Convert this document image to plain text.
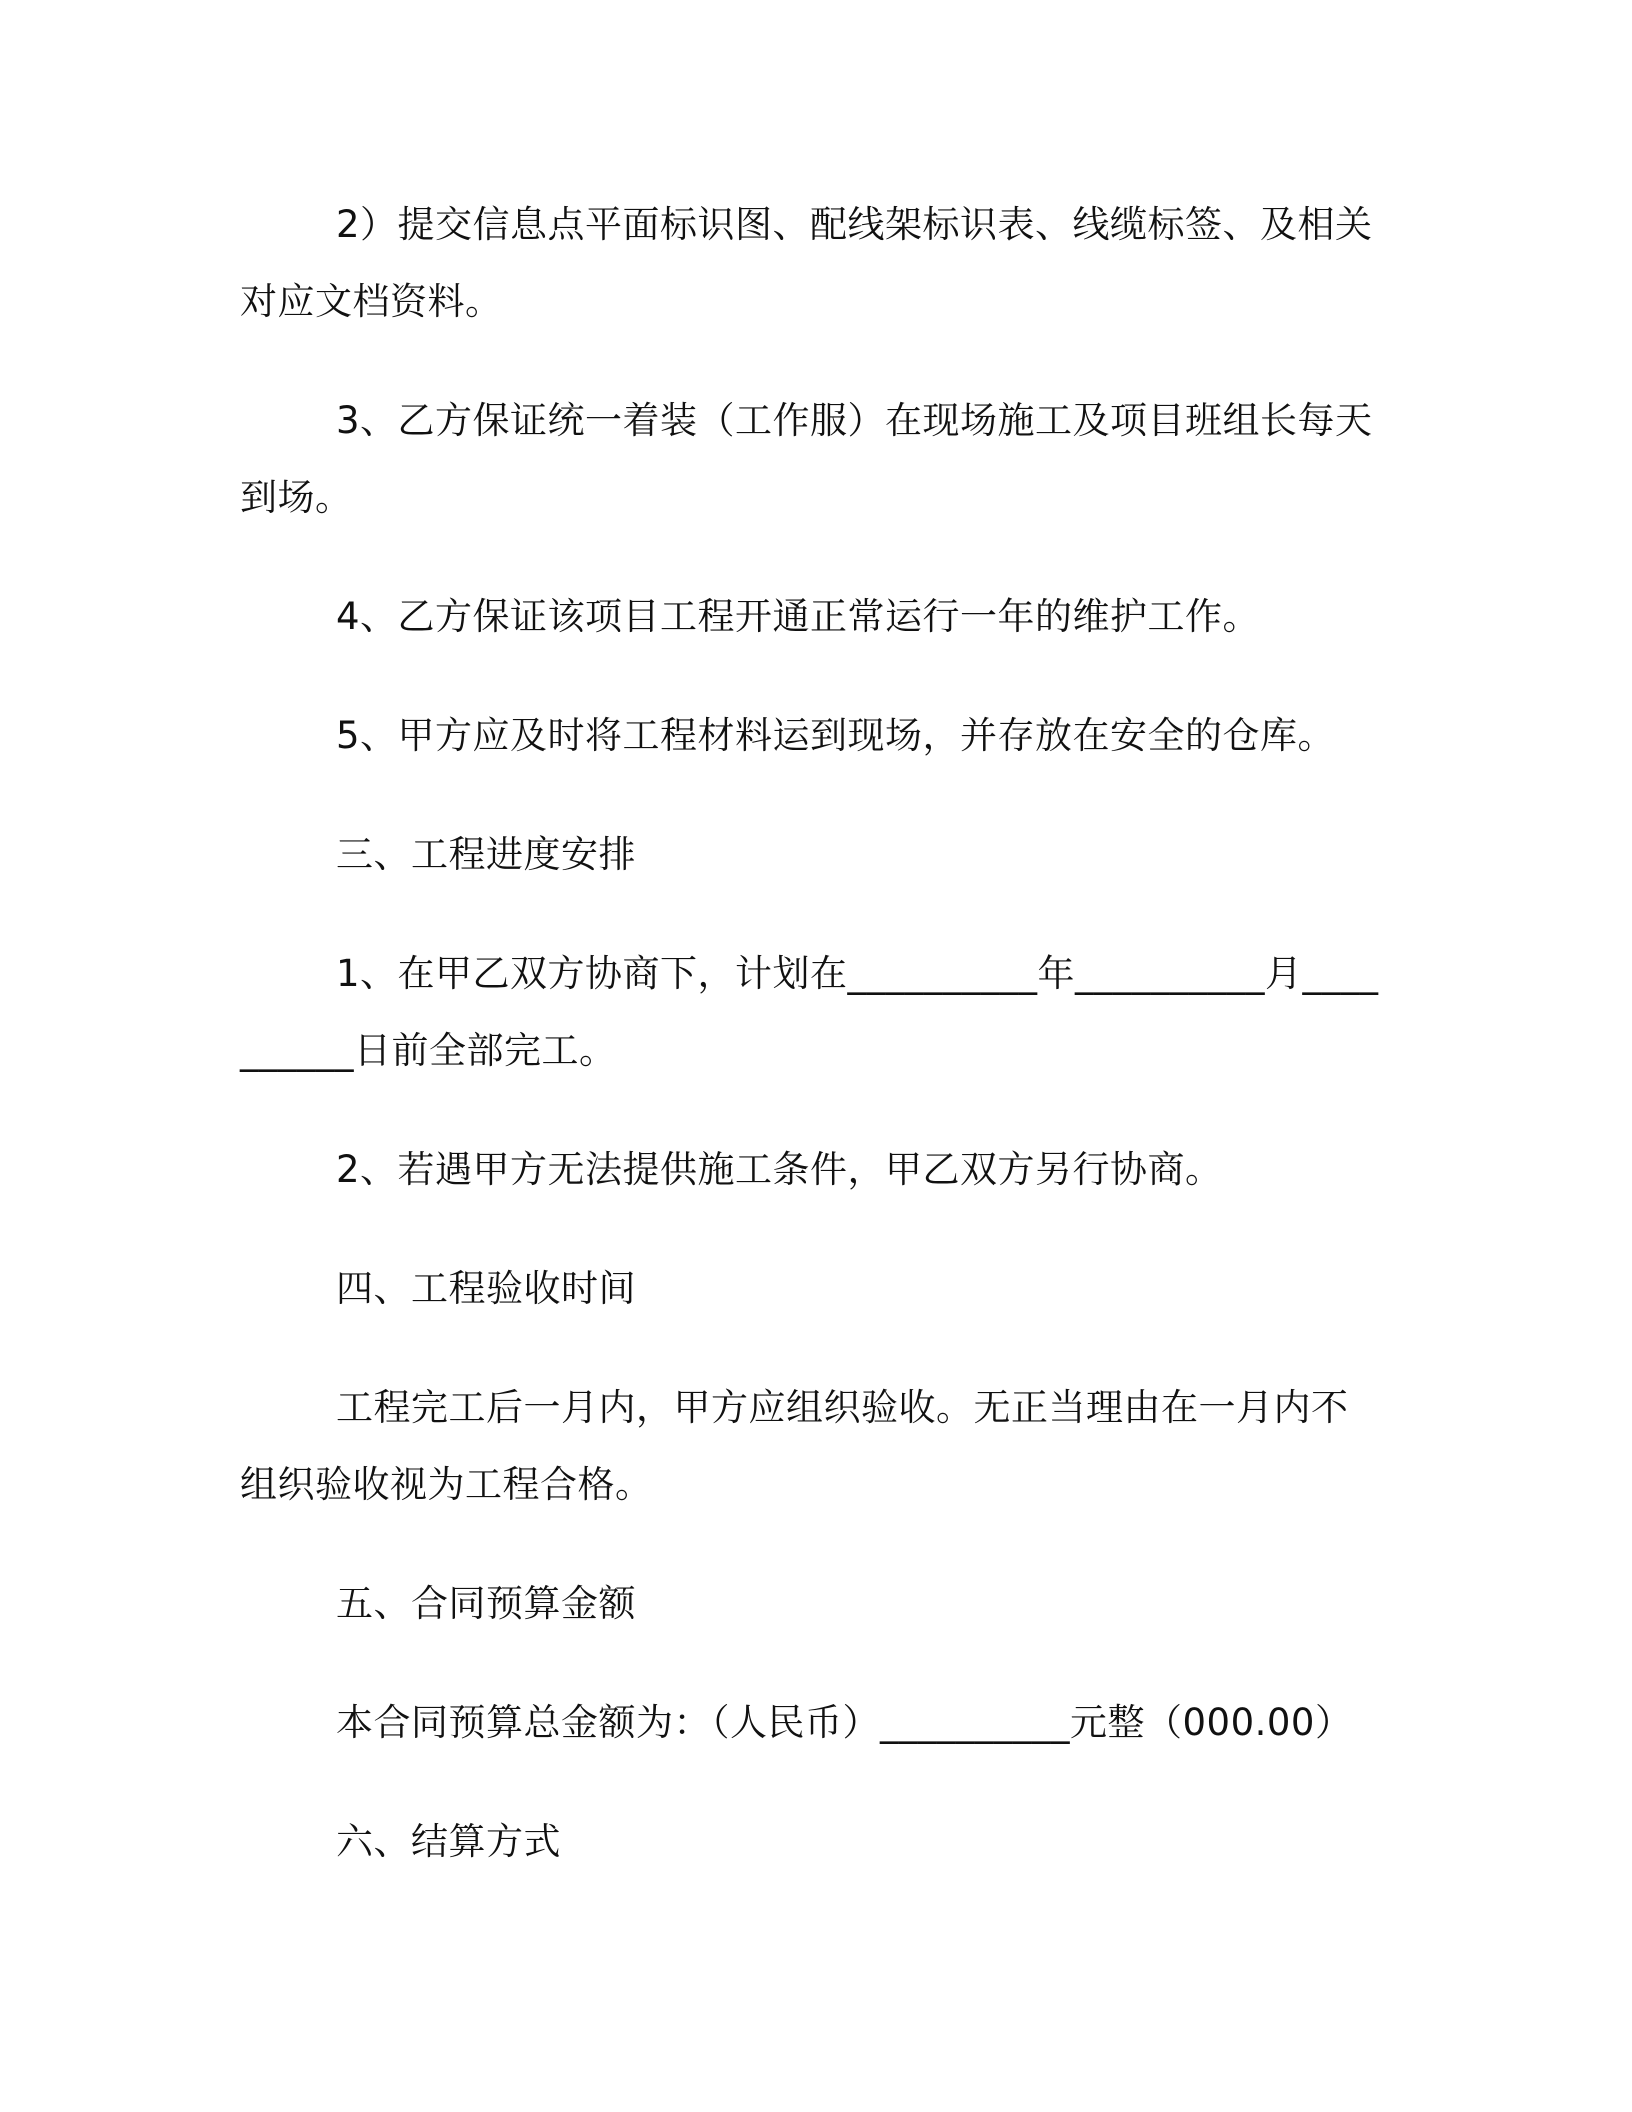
2）提交信息点平面标识图、配线架标识表、线缆标签、及相关对应文档资料。

3、乙方保证统一着装（工作服）在现场施工及项目班组长每天到场。

4、乙方保证该项目工程开通正常运行一年的维护工作。

5、甲方应及时将工程材料运到现场，并存放在安全的仓库。

三、工程进度安排

1、在甲乙双方协商下，计划在__________年__________月__________日前全部完工。

2、若遇甲方无法提供施工条件，甲乙双方另行协商。

四、工程验收时间

工程完工后一月内，甲方应组织验收。无正当理由在一月内不组织验收视为工程合格。

五、合同预算金额

本合同预算总金额为：（人民币）__________元整（000.00）

六、结算方式
